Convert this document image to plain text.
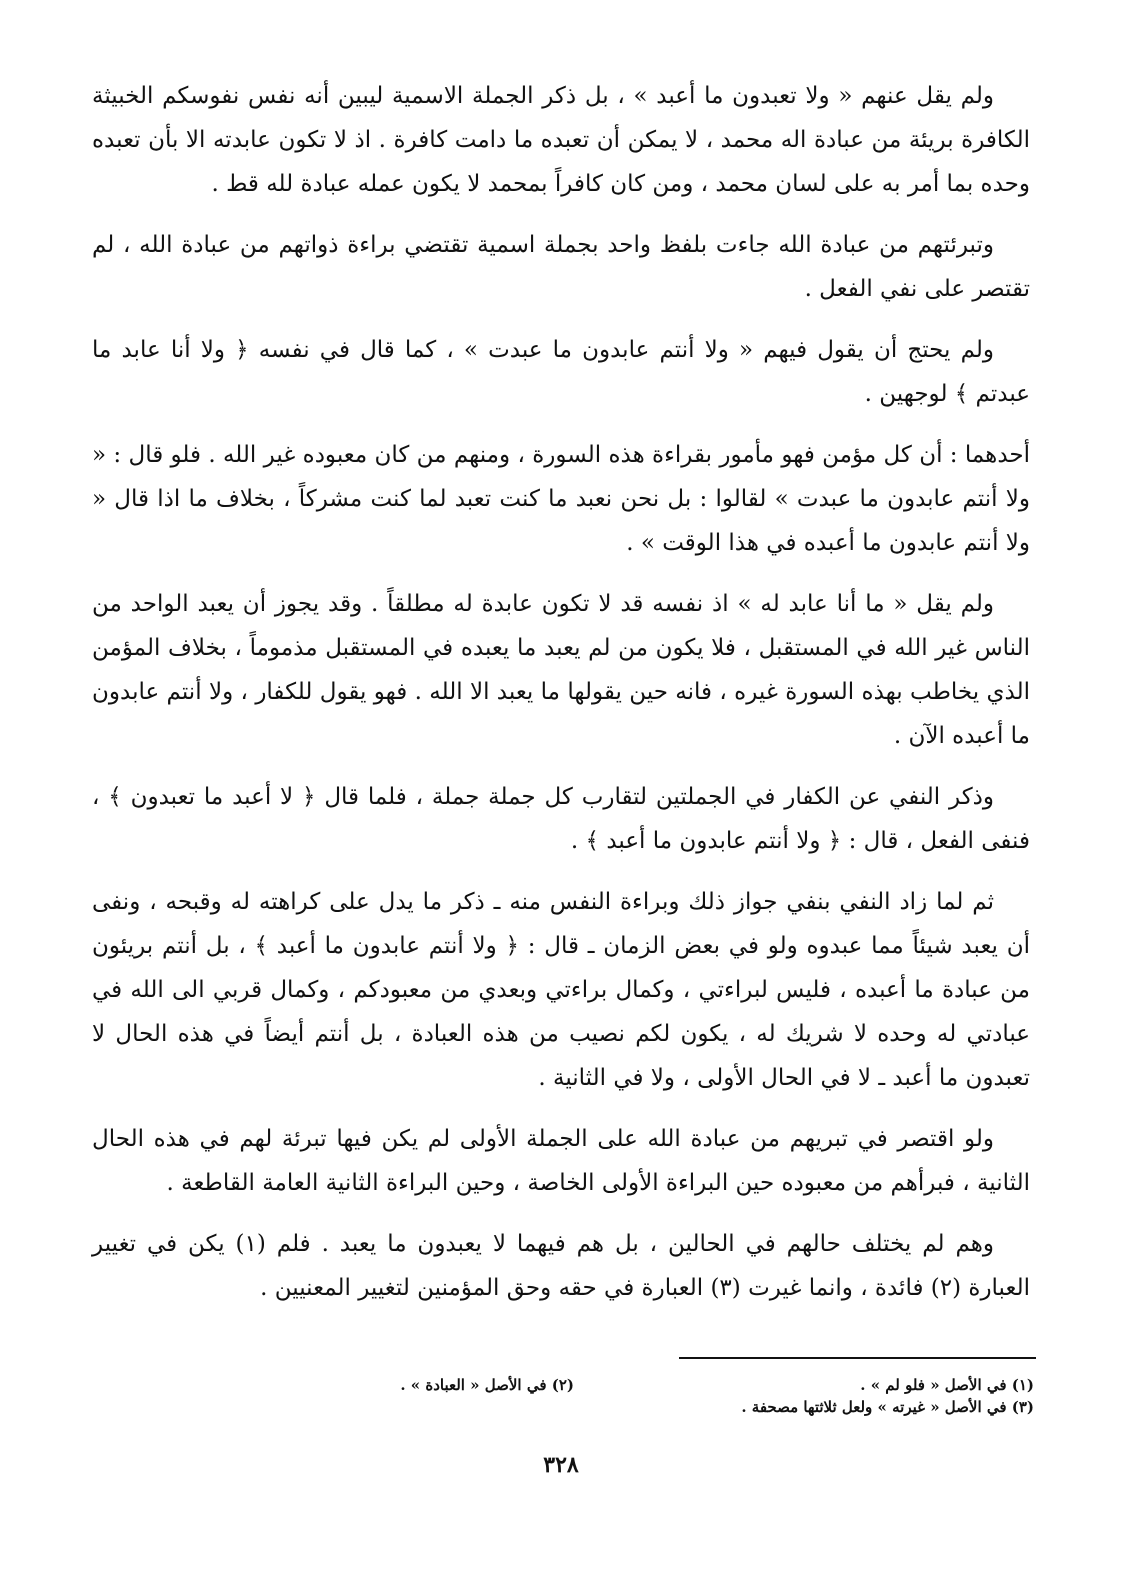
ولم يقل عنهم « ولا تعبدون ما أعبد » ، بل ذكر الجملة الاسمية ليبين أنه نفس نفوسكم الخبيثة الكافرة بريئة من عبادة اله محمد ، لا يمكن أن تعبده ما دامت كافرة . اذ لا تكون عابدته الا بأن تعبده وحده بما أمر به على لسان محمد ، ومن كان كافراً بمحمد لا يكون عمله عبادة لله قط .

وتبرئتهم من عبادة الله جاءت بلفظ واحد بجملة اسمية تقتضي براءة ذواتهم من عبادة الله ، لم تقتصر على نفي الفعل .

ولم يحتج أن يقول فيهم « ولا أنتم عابدون ما عبدت » ، كما قال في نفسه ﴿ ولا أنا عابد ما عبدتم ﴾ لوجهين .

أحدهما : أن كل مؤمن فهو مأمور بقراءة هذه السورة ، ومنهم من كان معبوده غير الله . فلو قال : « ولا أنتم عابدون ما عبدت » لقالوا : بل نحن نعبد ما كنت تعبد لما كنت مشركاً ، بخلاف ما اذا قال « ولا أنتم عابدون ما أعبده في هذا الوقت » .

ولم يقل « ما أنا عابد له » اذ نفسه قد لا تكون عابدة له مطلقاً . وقد يجوز أن يعبد الواحد من الناس غير الله في المستقبل ، فلا يكون من لم يعبد ما يعبده في المستقبل مذموماً ، بخلاف المؤمن الذي يخاطب بهذه السورة غيره ، فانه حين يقولها ما يعبد الا الله . فهو يقول للكفار ، ولا أنتم عابدون ما أعبده الآن .

وذكر النفي عن الكفار في الجملتين لتقارب كل جملة جملة ، فلما قال ﴿ لا أعبد ما تعبدون ﴾ ، فنفى الفعل ، قال : ﴿ ولا أنتم عابدون ما أعبد ﴾ .

ثم لما زاد النفي بنفي جواز ذلك وبراءة النفس منه ـ ذكر ما يدل على كراهته له وقبحه ، ونفى أن يعبد شيئاً مما عبدوه ولو في بعض الزمان ـ قال : ﴿ ولا أنتم عابدون ما أعبد ﴾ ، بل أنتم بريئون من عبادة ما أعبده ، فليس لبراءتي ، وكمال براءتي وبعدي من معبودكم ، وكمال قربي الى الله في عبادتي له وحده لا شريك له ، يكون لكم نصيب من هذه العبادة ، بل أنتم أيضاً في هذه الحال لا تعبدون ما أعبد ـ لا في الحال الأولى ، ولا في الثانية .

ولو اقتصر في تبريهم من عبادة الله على الجملة الأولى لم يكن فيها تبرئة لهم في هذه الحال الثانية ، فبرأهم من معبوده حين البراءة الأولى الخاصة ، وحين البراءة الثانية العامة القاطعة .

وهم لم يختلف حالهم في الحالين ، بل هم فيهما لا يعبدون ما يعبد . فلم (١) يكن في تغيير العبارة (٢) فائدة ، وانما غيرت (٣) العبارة في حقه وحق المؤمنين لتغيير المعنيين .

(١) في الأصل « فلو لم » .
(٢) في الأصل « العبادة » .
(٣) في الأصل « غيرته » ولعل ثلاثتها مصحفة .
٣٢٨
